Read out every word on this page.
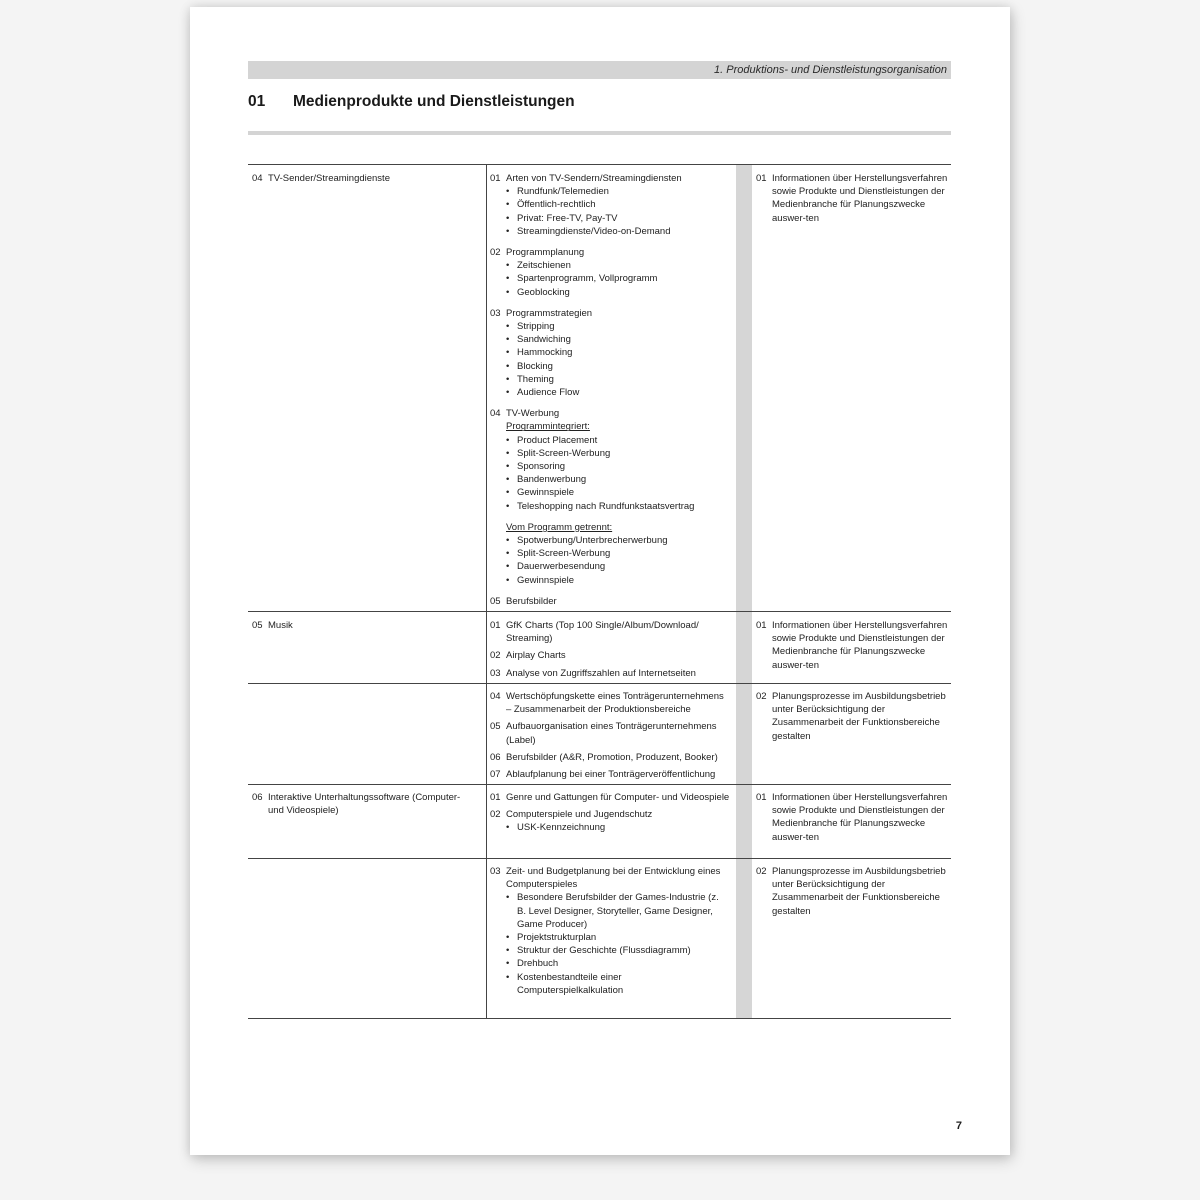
1. Produktions- und Dienstleistungsorganisation
01 Medienprodukte und Dienstleistungen
04 TV-Sender/Streamingdienste	01 Arten von TV-Sendern/Streamingdiensten
• Rundfunk/Telemedien
• Öffentlich-rechtlich
• Privat: Free-TV, Pay-TV
• Streamingdienste/Video-on-Demand
02 Programmplanung
• Zeitschienen
• Spartenprogramm, Vollprogramm
• Geoblocking
03 Programmstrategien
• Stripping
• Sandwiching
• Hammocking
• Blocking
• Theming
• Audience Flow
04 TV-Werbung
Programmintegriert:
• Product Placement
• Split-Screen-Werbung
• Sponsoring
• Bandenwerbung
• Gewinnspiele
• Teleshopping nach Rundfunkstaatsvertrag
Vom Programm getrennt:
• Spotwerbung/Unterbrecherwerbung
• Split-Screen-Werbung
• Dauerwerbesendung
• Gewinnspiele
05 Berufsbilder
01 Informationen über Herstellungsverfahren sowie Produkte und Dienstleistungen der Medienbranche für Planungszwecke auswer-ten
05 Musik	01 GfK Charts (Top 100 Single/Album/Download/ Streaming)
02 Airplay Charts
03 Analyse von Zugriffszahlen auf Internetseiten
01 Informationen über Herstellungsverfahren sowie Produkte und Dienstleistungen der Medienbranche für Planungszwecke auswer-ten
04 Wertschöpfungskette eines Tonträgerunternehmens – Zusammenarbeit der Produktionsbereiche
05 Aufbauorganisation eines Tonträgerunternehmens (Label)
06 Berufsbilder (A&R, Promotion, Produzent, Booker)
07 Ablaufplanung bei einer Tonträgerveröffentlichung
02 Planungsprozesse im Ausbildungsbetrieb unter Berücksichtigung der Zusammenarbeit der Funktionsbereiche gestalten
06 Interaktive Unterhaltungssoftware (Computer- und Videospiele)
01 Genre und Gattungen für Computer- und Videospiele
02 Computerspiele und Jugendschutz
• USK-Kennzeichnung
01 Informationen über Herstellungsverfahren sowie Produkte und Dienstleistungen der Medienbranche für Planungszwecke auswer-ten
03 Zeit- und Budgetplanung bei der Entwicklung eines Computerspieles
• Besondere Berufsbilder der Games-Industrie (z. B. Level Designer, Storyteller, Game Designer, Game Producer)
• Projektstrukturplan
• Struktur der Geschichte (Flussdiagramm)
• Drehbuch
• Kostenbestandteile einer Computerspielkalkulation
02 Planungsprozesse im Ausbildungsbetrieb unter Berücksichtigung der Zusammenarbeit der Funktionsbereiche gestalten
7
